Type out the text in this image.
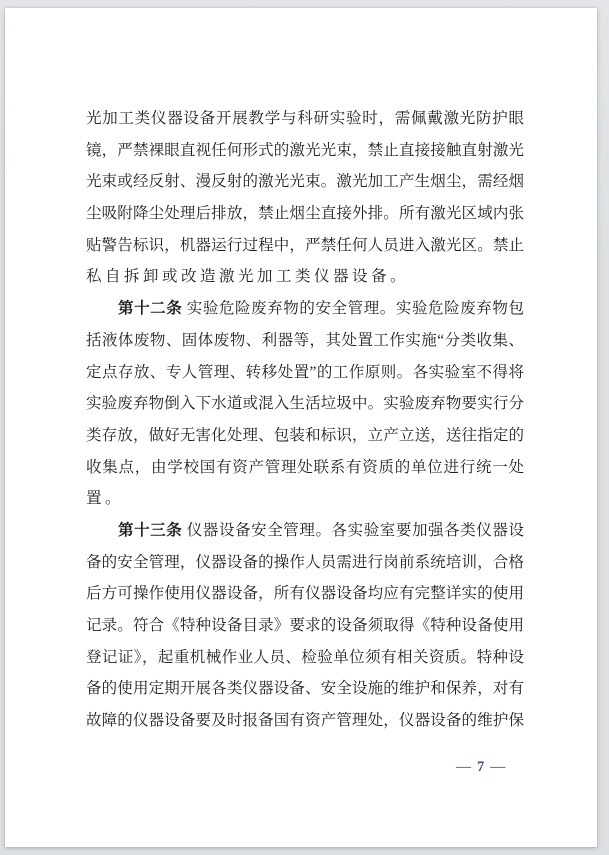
光加工类仪器设备开展教学与科研实验时，需佩戴激光防护眼
镜，严禁裸眼直视任何形式的激光光束，禁止直接接触直射激光
光束或经反射、漫反射的激光光束。激光加工产生烟尘，需经烟
尘吸附降尘处理后排放，禁止烟尘直接外排。所有激光区域内张
贴警告标识，机器运行过程中，严禁任何人员进入激光区。禁止
私自拆卸或改造激光加工类仪器设备。
第十二条 实验危险废弃物的安全管理。实验危险废弃物包
括液体废物、固体废物、利器等，其处置工作实施“分类收集、
定点存放、专人管理、转移处置”的工作原则。各实验室不得将
实验废弃物倒入下水道或混入生活垃圾中。实验废弃物要实行分
类存放，做好无害化处理、包装和标识，立产立送，送往指定的
收集点，由学校国有资产管理处联系有资质的单位进行统一处
置。
第十三条 仪器设备安全管理。各实验室要加强各类仪器设
备的安全管理，仪器设备的操作人员需进行岗前系统培训，合格
后方可操作使用仪器设备，所有仪器设备均应有完整详实的使用
记录。符合《特种设备目录》要求的设备须取得《特种设备使用
登记证》，起重机械作业人员、检验单位须有相关资质。特种设
备的使用定期开展各类仪器设备、安全设施的维护和保养，对有
故障的仪器设备要及时报备国有资产管理处，仪器设备的维护保
— 7 —
